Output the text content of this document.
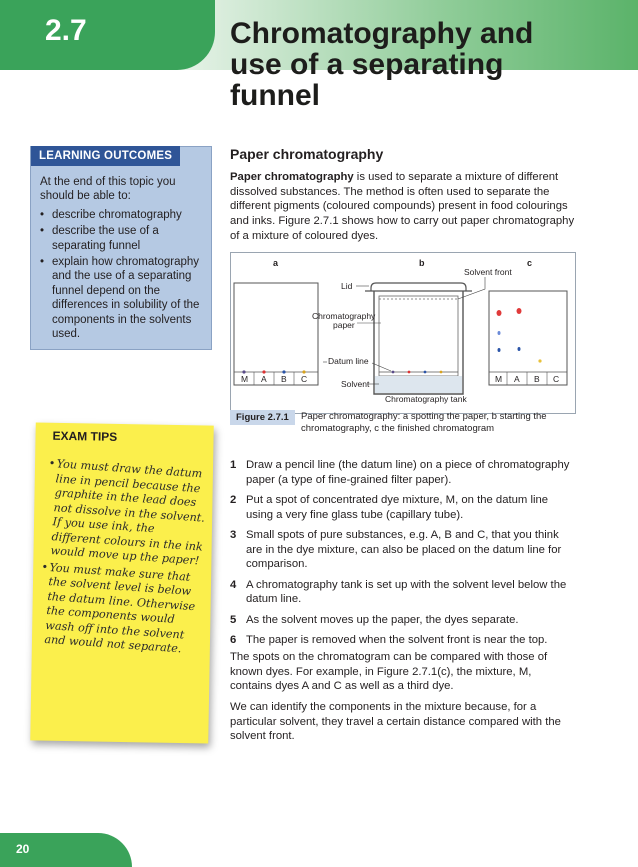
2.7	Chromatography and use of a separating funnel
LEARNING OUTCOMES
At the end of this topic you should be able to:
• describe chromatography
• describe the use of a separating funnel
• explain how chromatography and the use of a separating funnel depend on the differences in solubility of the components in the solvents used.
EXAM TIPS

• You must draw the datum line in pencil because the graphite in the lead does not dissolve in the solvent. If you use ink, the different colours in the ink would move up the paper!

• You must make sure that the solvent level is below the datum line. Otherwise the components would wash off into the solvent and would not separate.

Paper chromatography

Paper chromatography is used to separate a mixture of different dissolved substances. The method is often used to separate the different pigments (coloured compounds) present in food colourings and inks. Figure 2.7.1 shows how to carry out paper chromatography of a mixture of coloured dyes.

a
M A B C
b
Lid
Chromatography
paper
Datum line
Solvent
Chromatography tank
Solvent front
c
M A B C
Figure 2.7.1	Paper chromatography: a spotting the paper, b starting the chromatography, c the finished chromatogram
1 Draw a pencil line (the datum line) on a piece of chromatography paper (a type of fine-grained filter paper).
2 Put a spot of concentrated dye mixture, M, on the datum line using a very fine glass tube (capillary tube).
3 Small spots of pure substances, e.g. A, B and C, that you think are in the dye mixture, can also be placed on the datum line for comparison.
4 A chromatography tank is set up with the solvent level below the datum line.
5 As the solvent moves up the paper, the dyes separate.
6 The paper is removed when the solvent front is near the top.

The spots on the chromatogram can be compared with those of known dyes. For example, in Figure 2.7.1(c), the mixture, M, contains dyes A and C as well as a third dye.

We can identify the components in the mixture because, for a particular solvent, they travel a certain distance compared with the solvent front.

20
